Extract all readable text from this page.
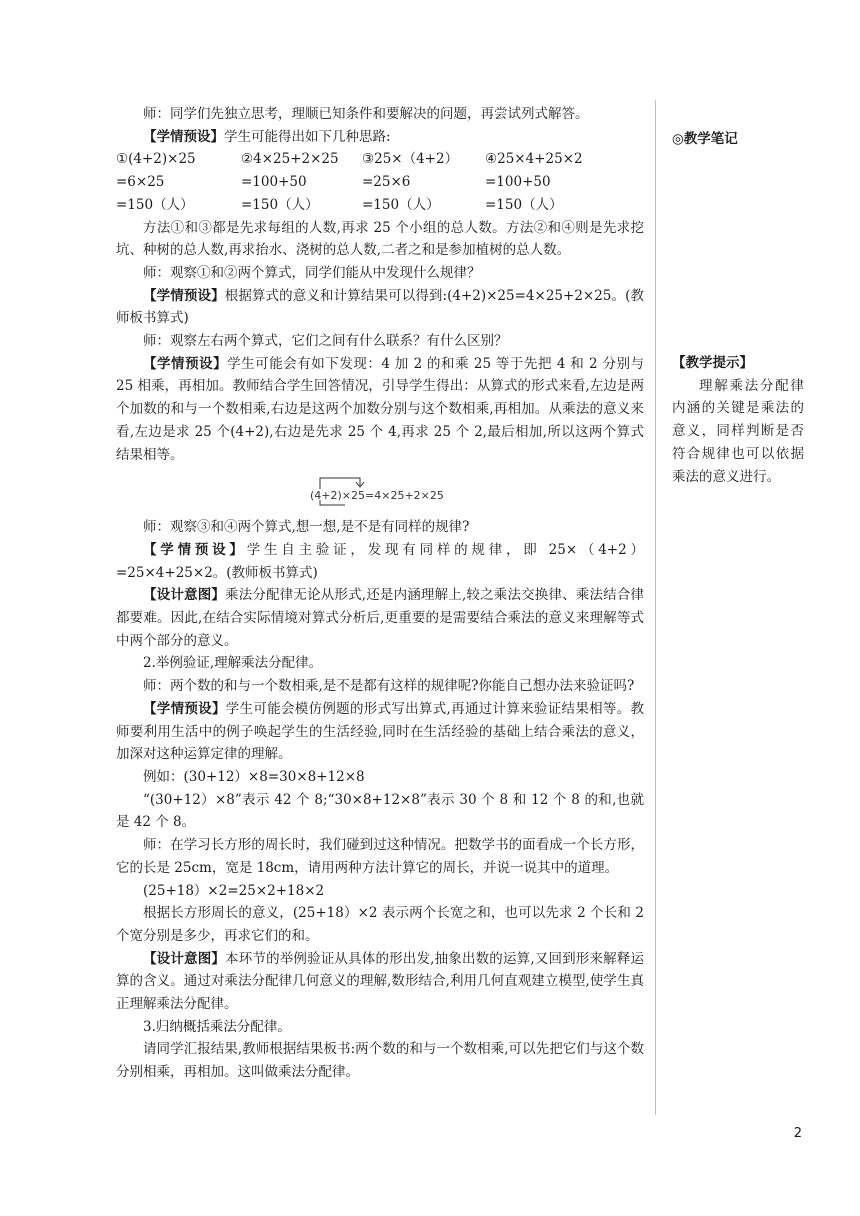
师：同学们先独立思考，理顺已知条件和要解决的问题，再尝试列式解答。

【学情预设】学生可能得出如下几种思路:

①(4+2)×25	②4×25+2×25	③25×（4+2）	④25×4+25×2
=6×25	=100+50	=25×6	=100+50
=150（人）	=150（人）	=150（人）	=150（人）

方法①和③都是先求每组的人数,再求 25 个小组的总人数。方法②和④则是先求挖坑、种树的总人数,再求抬水、浇树的总人数,二者之和是参加植树的总人数。

师：观察①和②两个算式，同学们能从中发现什么规律？

【学情预设】根据算式的意义和计算结果可以得到:(4+2)×25=4×25+2×25。(教师板书算式)

师：观察左右两个算式，它们之间有什么联系？有什么区别？

【学情预设】学生可能会有如下发现：4 加 2 的和乘 25 等于先把 4 和 2 分别与 25 相乘，再相加。教师结合学生回答情况，引导学生得出：从算式的形式来看,左边是两个加数的和与一个数相乘,右边是这两个加数分别与这个数相乘,再相加。从乘法的意义来看,左边是求 25 个(4+2),右边是先求 25 个 4,再求 25 个 2,最后相加,所以这两个算式结果相等。

(4+2)×25=4×25+2×25

师：观察③和④两个算式,想一想,是不是有同样的规律?

【学情预设】学生自主验证，发现有同样的规律，即 25×（4+2）=25×4+25×2。(教师板书算式)

【设计意图】乘法分配律无论从形式,还是内涵理解上,较之乘法交换律、乘法结合律都要难。因此,在结合实际情境对算式分析后,更重要的是需要结合乘法的意义来理解等式中两个部分的意义。

2.举例验证,理解乘法分配律。

师：两个数的和与一个数相乘,是不是都有这样的规律呢?你能自己想办法来验证吗?

【学情预设】学生可能会模仿例题的形式写出算式,再通过计算来验证结果相等。教师要利用生活中的例子唤起学生的生活经验,同时在生活经验的基础上结合乘法的意义，加深对这种运算定律的理解。

例如：(30+12）×8=30×8+12×8

“(30+12）×8”表示 42 个 8;“30×8+12×8”表示 30 个 8 和 12 个 8 的和,也就是 42 个 8。

师：在学习长方形的周长时，我们碰到过这种情况。把数学书的面看成一个长方形，它的长是 25cm，宽是 18cm，请用两种方法计算它的周长，并说一说其中的道理。

(25+18）×2=25×2+18×2

根据长方形周长的意义，(25+18）×2 表示两个长宽之和，也可以先求 2 个长和 2 个宽分别是多少，再求它们的和。

【设计意图】本环节的举例验证从具体的形出发,抽象出数的运算,又回到形来解释运算的含义。通过对乘法分配律几何意义的理解,数形结合,利用几何直观建立模型,使学生真正理解乘法分配律。

3.归纳概括乘法分配律。

请同学汇报结果,教师根据结果板书:两个数的和与一个数相乘,可以先把它们与这个数分别相乘，再相加。这叫做乘法分配律。

◎教学笔记

【教学提示】

理解乘法分配律内涵的关键是乘法的意义，同样判断是否符合规律也可以依据乘法的意义进行。

2
